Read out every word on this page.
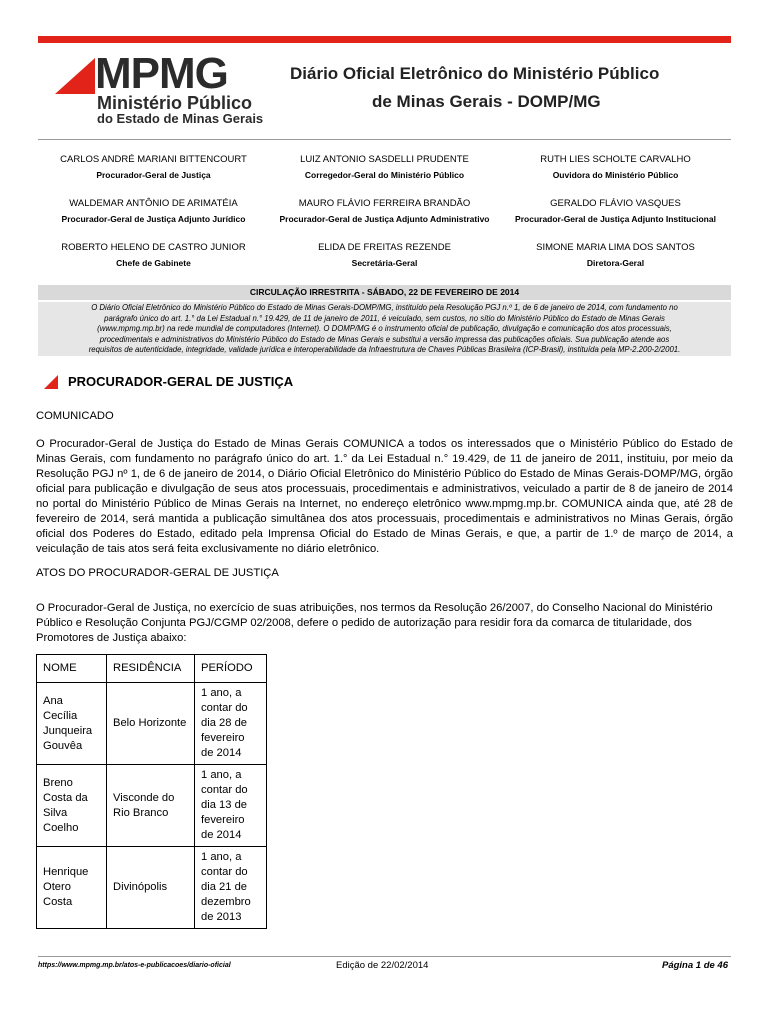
MPMG
Ministério Público
do Estado de Minas Gerais
Diário Oficial Eletrônico do Ministério Público
de Minas Gerais - DOMP/MG
CARLOS ANDRÉ MARIANI BITTENCOURT
Procurador-Geral de Justiça
LUIZ ANTONIO SASDELLI PRUDENTE
Corregedor-Geral do Ministério Público
RUTH LIES SCHOLTE CARVALHO
Ouvidora do Ministério Público
WALDEMAR ANTÔNIO DE ARIMATÉIA
Procurador-Geral de Justiça Adjunto Jurídico
MAURO FLÁVIO FERREIRA BRANDÃO
Procurador-Geral de Justiça Adjunto Administrativo
GERALDO FLÁVIO VASQUES
Procurador-Geral de Justiça Adjunto Institucional
ROBERTO HELENO DE CASTRO JUNIOR
Chefe de Gabinete
ELIDA DE FREITAS REZENDE
Secretária-Geral
SIMONE MARIA LIMA DOS SANTOS
Diretora-Geral
CIRCULAÇÃO IRRESTRITA - SÁBADO, 22 DE FEVEREIRO DE 2014
O Diário Oficial Eletrônico do Ministério Público do Estado de Minas Gerais-DOMP/MG, instituído pela Resolução PGJ n.º 1, de 6 de janeiro de 2014, com fundamento no
parágrafo único do art. 1.° da Lei Estadual n.° 19.429, de 11 de janeiro de 2011, é veiculado, sem custos, no sítio do Ministério Público do Estado de Minas Gerais
(www.mpmg.mp.br) na rede mundial de computadores (Internet). O DOMP/MG é o instrumento oficial de publicação, divulgação e comunicação dos atos processuais,
procedimentais e administrativos do Ministério Público do Estado de Minas Gerais e substitui a versão impressa das publicações oficiais. Sua publicação atende aos
requisitos de autenticidade, integridade, validade jurídica e interoperabilidade da Infraestrutura de Chaves Públicas Brasileira (ICP-Brasil), instituída pela MP-2.200-2/2001.
PROCURADOR-GERAL DE JUSTIÇA
COMUNICADO
O Procurador-Geral de Justiça do Estado de Minas Gerais COMUNICA a todos os interessados que o Ministério Público do Estado de Minas Gerais, com fundamento no parágrafo único do art. 1.° da Lei Estadual n.° 19.429, de 11 de janeiro de 2011, instituiu, por meio da Resolução PGJ nº 1, de 6 de janeiro de 2014, o Diário Oficial Eletrônico do Ministério Público do Estado de Minas Gerais-DOMP/MG, órgão oficial para publicação e divulgação de seus atos processuais, procedimentais e administrativos, veiculado a partir de 8 de janeiro de 2014 no portal do Ministério Público de Minas Gerais na Internet, no endereço eletrônico www.mpmg.mp.br. COMUNICA ainda que, até 28 de fevereiro de 2014, será mantida a publicação simultânea dos atos processuais, procedimentais e administrativos no Minas Gerais, órgão oficial dos Poderes do Estado, editado pela Imprensa Oficial do Estado de Minas Gerais, e que, a partir de 1.º de março de 2014, a veiculação de tais atos será feita exclusivamente no diário eletrônico.
ATOS DO PROCURADOR-GERAL DE JUSTIÇA
O Procurador-Geral de Justiça, no exercício de suas atribuições, nos termos da Resolução 26/2007, do Conselho Nacional do Ministério Público e Resolução Conjunta PGJ/CGMP 02/2008, defere o pedido de autorização para residir fora da comarca de titularidade, dos Promotores de Justiça abaixo:
NOME	RESIDÊNCIA	PERÍODO
Ana Cecília Junqueira Gouvêa	Belo Horizonte	1 ano, a contar do dia 28 de fevereiro de 2014
Breno Costa da Silva Coelho	Visconde do Rio Branco	1 ano, a contar do dia 13 de fevereiro de 2014
Henrique Otero Costa	Divinópolis	1 ano, a contar do dia 21 de dezembro de 2013
https://www.mpmg.mp.br/atos-e-publicacoes/diario-oficial	Edição de 22/02/2014	Página 1 de 46
